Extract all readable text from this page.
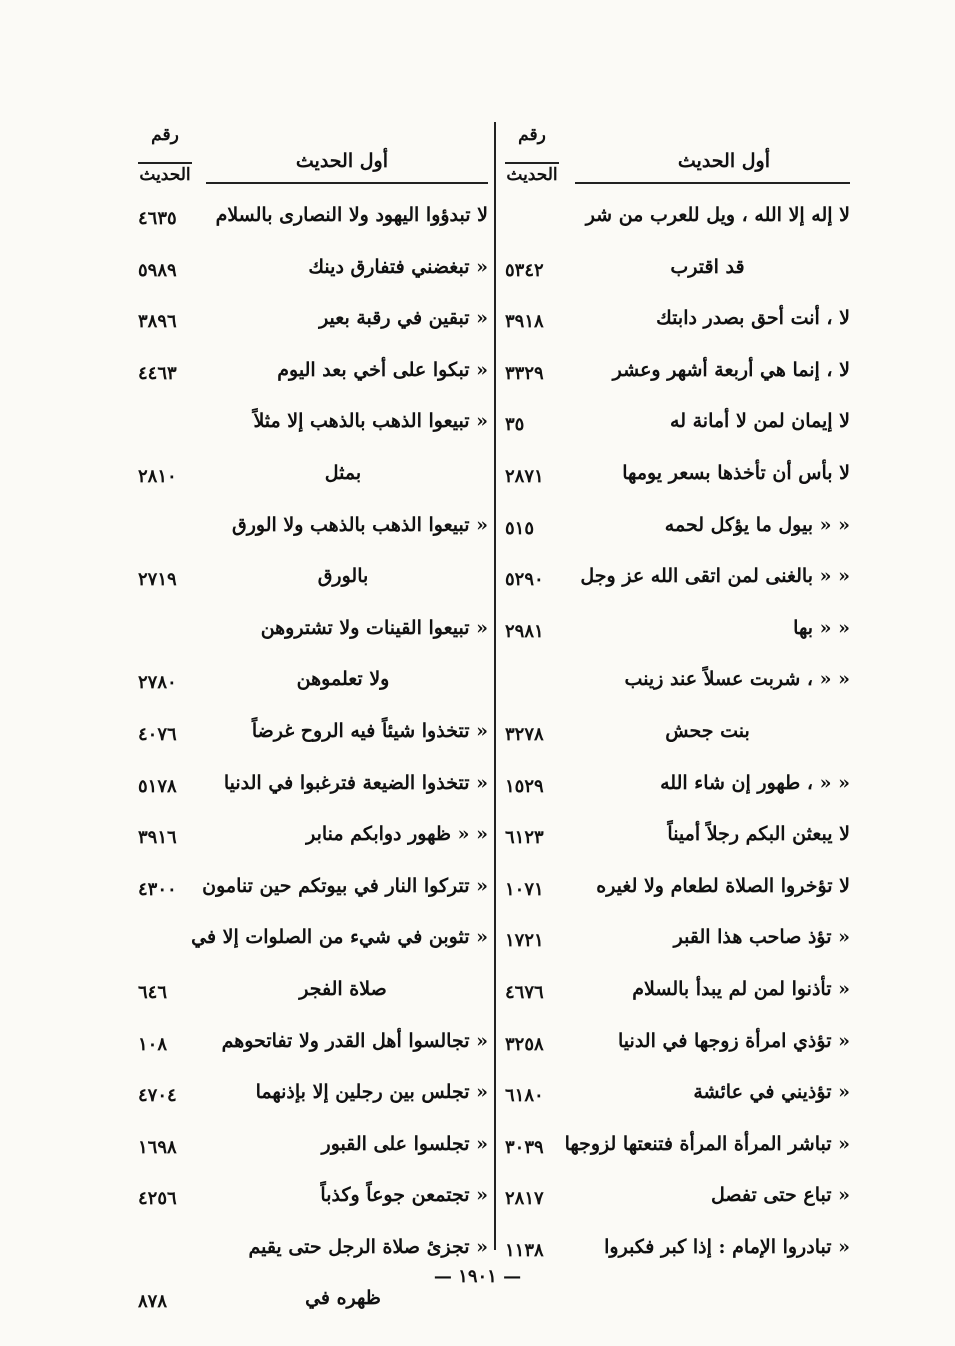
رقم
الحديث
أول الحديث
لا إله إلا الله ، ويل للعرب من شر
قد اقترب
٥٣٤٢
لا ، أنت أحق بصدر دابتك
٣٩١٨
لا ، إنما هي أربعة أشهر وعشر
٣٣٢٩
لا إيمان لمن لا أمانة له
٣٥
لا بأس أن تأخذها بسعر يومها
٢٨٧١
« « بيول ما يؤكل لحمه
٥١٥
« « بالغنى لمن اتقى الله عز وجل
٥٢٩٠
« « بها
٢٩٨١
« « ، شربت عسلاً عند زينب
بنت جحش
٣٢٧٨
« « ، طهور إن شاء الله
١٥٢٩
لا يبعثن البكم رجلاً أميناً
٦١٢٣
لا تؤخروا الصلاة لطعام ولا لغيره
١٠٧١
« تؤذ صاحب هذا القبر
١٧٢١
« تأذنوا لمن لم يبدأ بالسلام
٤٦٧٦
« تؤذي امرأة زوجها في الدنيا
٣٢٥٨
« تؤذيني في عائشة
٦١٨٠
« تباشر المرأة المرأة فتنعتها لزوجها
٣٠٣٩
« تباع حتى تفصل
٢٨١٧
« تبادروا الإمام : إذا كبر فكبروا
١١٣٨
رقم
الحديث
أول الحديث
لا تبدؤوا اليهود ولا النصارى بالسلام
٤٦٣٥
« تبغضني فتفارق دينك
٥٩٨٩
« تبقين في رقبة بعير
٣٨٩٦
« تبكوا على أخي بعد اليوم
٤٤٦٣
« تبيعوا الذهب بالذهب إلا مثلاً
بمثل
٢٨١٠
« تبيعوا الذهب بالذهب ولا الورق
بالورق
٢٧١٩
« تبيعوا القينات ولا تشتروهن
ولا تعلموهن
٢٧٨٠
« تتخذوا شيئاً فيه الروح غرضاً
٤٠٧٦
« تتخذوا الضيعة فترغبوا في الدنيا
٥١٧٨
« « ظهور دوابكم منابر
٣٩١٦
« تتركوا النار في بيوتكم حين تنامون
٤٣٠٠
« تثوبن في شيء من الصلوات إلا في
صلاة الفجر
٦٤٦
« تجالسوا أهل القدر ولا تفاتحوهم
١٠٨
« تجلس بين رجلين إلا بإذنهما
٤٧٠٤
« تجلسوا على القبور
١٦٩٨
« تجتمعن جوعاً وكذباً
٤٢٥٦
« تجزئ صلاة الرجل حتى يقيم
ظهره في
٨٧٨
— ١٩٠١ —
